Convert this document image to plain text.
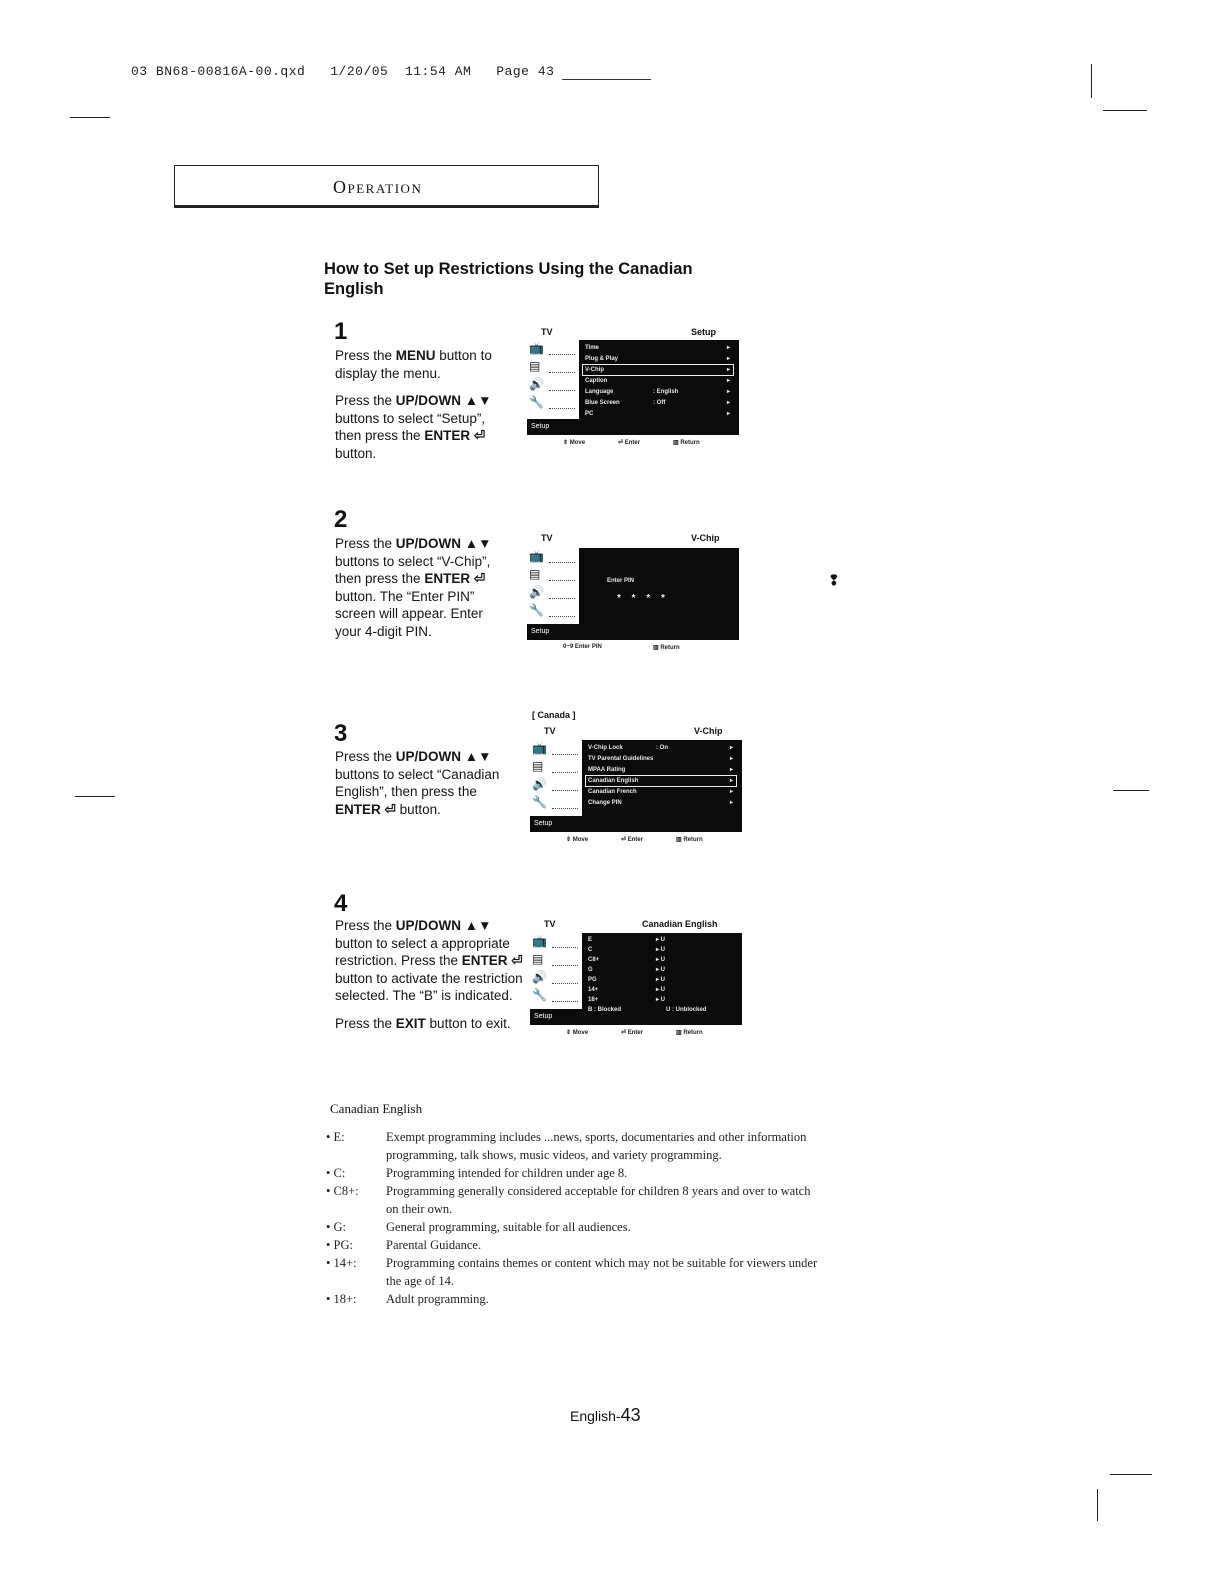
03 BN68-00816A-00.qxd 1/20/05 11:54 AM Page 43
Operation
How to Set up Restrictions Using the Canadian English
1

Press the MENU button to display the menu.

Press the UP/DOWN ▲▼ buttons to select “Setup”, then press the ENTER ⏎ button.

TV	Setup
📺
▤
🔊
🔧
Setup
Time	▸
Plug & Play	▸
V-Chip	▸
Caption	▸
Language	: English	▸
Blue Screen	: Off	▸
PC	▸
⇕ Move	⏎ Enter	▥ Return
2

Press the UP/DOWN ▲▼ buttons to select “V-Chip”, then press the ENTER ⏎ button. The “Enter PIN” screen will appear. Enter your 4-digit PIN.

TV	V-Chip
📺
▤
🔊
🔧
Setup
Enter PIN
* * * *
0~9 Enter PIN	▥ Return
3

Press the UP/DOWN ▲▼ buttons to select “Canadian English”, then press the ENTER ⏎ button.

[ Canada ]
TV	V-Chip
📺
▤
🔊
🔧
Setup
V-Chip Lock	: On	▸
TV Parental Guidelines	▸
MPAA Rating	▸
Canadian English	▸
Canadian French	▸
Change PIN	▸
⇕ Move	⏎ Enter	▥ Return
4

Press the UP/DOWN ▲▼ button to select a appropriate restriction. Press the ENTER ⏎ button to activate the restriction selected. The “B” is indicated.

Press the EXIT button to exit.

TV	Canadian English
📺
▤
🔊
🔧
Setup
E	▸ U
C	▸ U
C8+	▸ U
G	▸ U
PG	▸ U
14+	▸ U
18+	▸ U
B : Blocked	U : Unblocked
⇕ Move	⏎ Enter	▥ Return
Canadian English
• E:	Exempt programming includes ...news, sports, documentaries and other information programming, talk shows, music videos, and variety programming.
• C:	Programming intended for children under age 8.
• C8+:	Programming generally considered acceptable for children 8 years and over to watch on their own.
• G:	General programming, suitable for all audiences.
• PG:	Parental Guidance.
• 14+:	Programming contains themes or content which may not be suitable for viewers under the age of 14.
• 18+:	Adult programming.
❢
English-43
